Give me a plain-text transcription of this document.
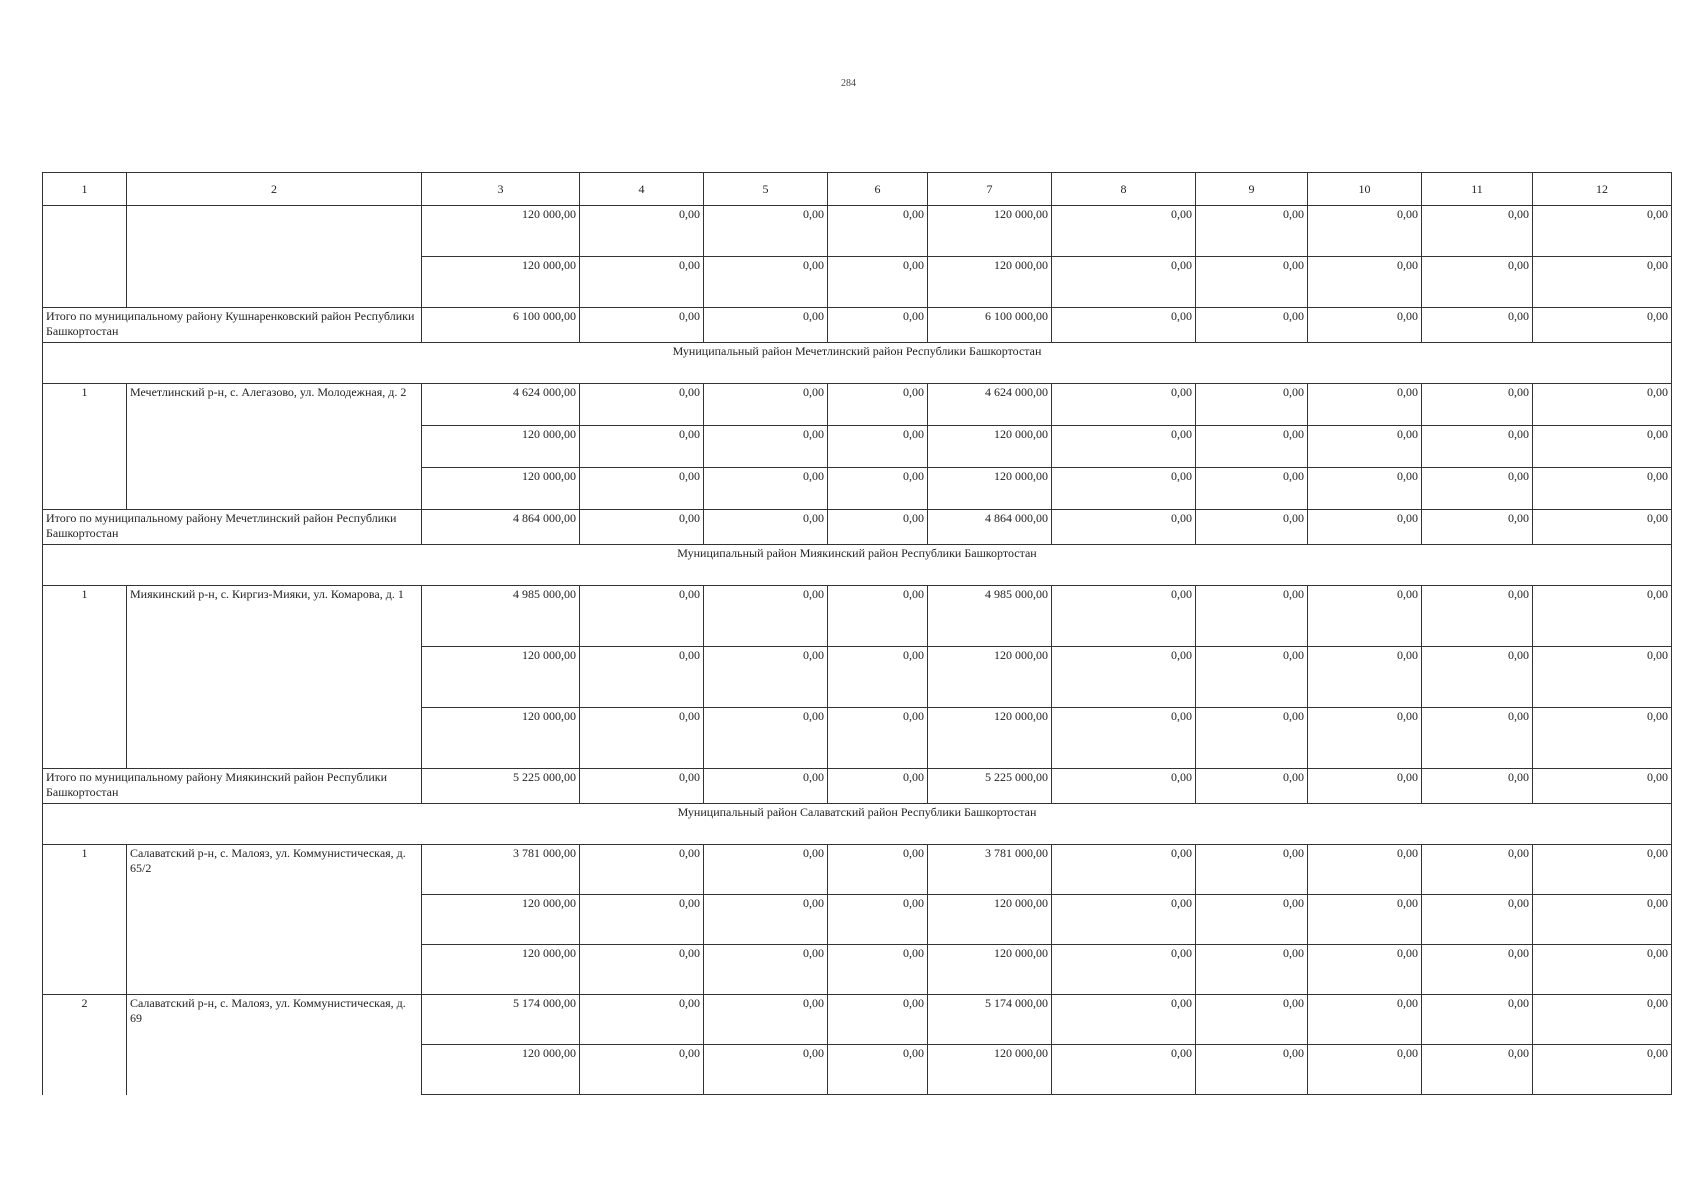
284
1	2	3	4	5	6	7	8	9	10	11	12
		120 000,00	0,00	0,00	0,00	120 000,00	0,00	0,00	0,00	0,00	0,00
		120 000,00	0,00	0,00	0,00	120 000,00	0,00	0,00	0,00	0,00	0,00
Итого по муниципальному району Кушнаренковский район Республики Башкортостан		6 100 000,00	0,00	0,00	0,00	6 100 000,00	0,00	0,00	0,00	0,00	0,00
Муниципальный район Мечетлинский район Республики Башкортостан											
1	Мечетлинский р-н, с. Алегазово, ул. Молодежная, д. 2	4 624 000,00	0,00	0,00	0,00	4 624 000,00	0,00	0,00	0,00	0,00	0,00
		120 000,00	0,00	0,00	0,00	120 000,00	0,00	0,00	0,00	0,00	0,00
		120 000,00	0,00	0,00	0,00	120 000,00	0,00	0,00	0,00	0,00	0,00
Итого по муниципальному району Мечетлинский район Республики Башкортостан		4 864 000,00	0,00	0,00	0,00	4 864 000,00	0,00	0,00	0,00	0,00	0,00
Муниципальный район Миякинский район Республики Башкортостан											
1	Миякинский р-н, с. Киргиз-Мияки, ул. Комарова, д. 1	4 985 000,00	0,00	0,00	0,00	4 985 000,00	0,00	0,00	0,00	0,00	0,00
		120 000,00	0,00	0,00	0,00	120 000,00	0,00	0,00	0,00	0,00	0,00
		120 000,00	0,00	0,00	0,00	120 000,00	0,00	0,00	0,00	0,00	0,00
Итого по муниципальному району Миякинский район Республики Башкортостан		5 225 000,00	0,00	0,00	0,00	5 225 000,00	0,00	0,00	0,00	0,00	0,00
Муниципальный район Салаватский район Республики Башкортостан											
1	Салаватский р-н, с. Малояз, ул. Коммунистическая, д. 65/2	3 781 000,00	0,00	0,00	0,00	3 781 000,00	0,00	0,00	0,00	0,00	0,00
		120 000,00	0,00	0,00	0,00	120 000,00	0,00	0,00	0,00	0,00	0,00
		120 000,00	0,00	0,00	0,00	120 000,00	0,00	0,00	0,00	0,00	0,00
2	Салаватский р-н, с. Малояз, ул. Коммунистическая, д. 69	5 174 000,00	0,00	0,00	0,00	5 174 000,00	0,00	0,00	0,00	0,00	0,00
		120 000,00	0,00	0,00	0,00	120 000,00	0,00	0,00	0,00	0,00	0,00
